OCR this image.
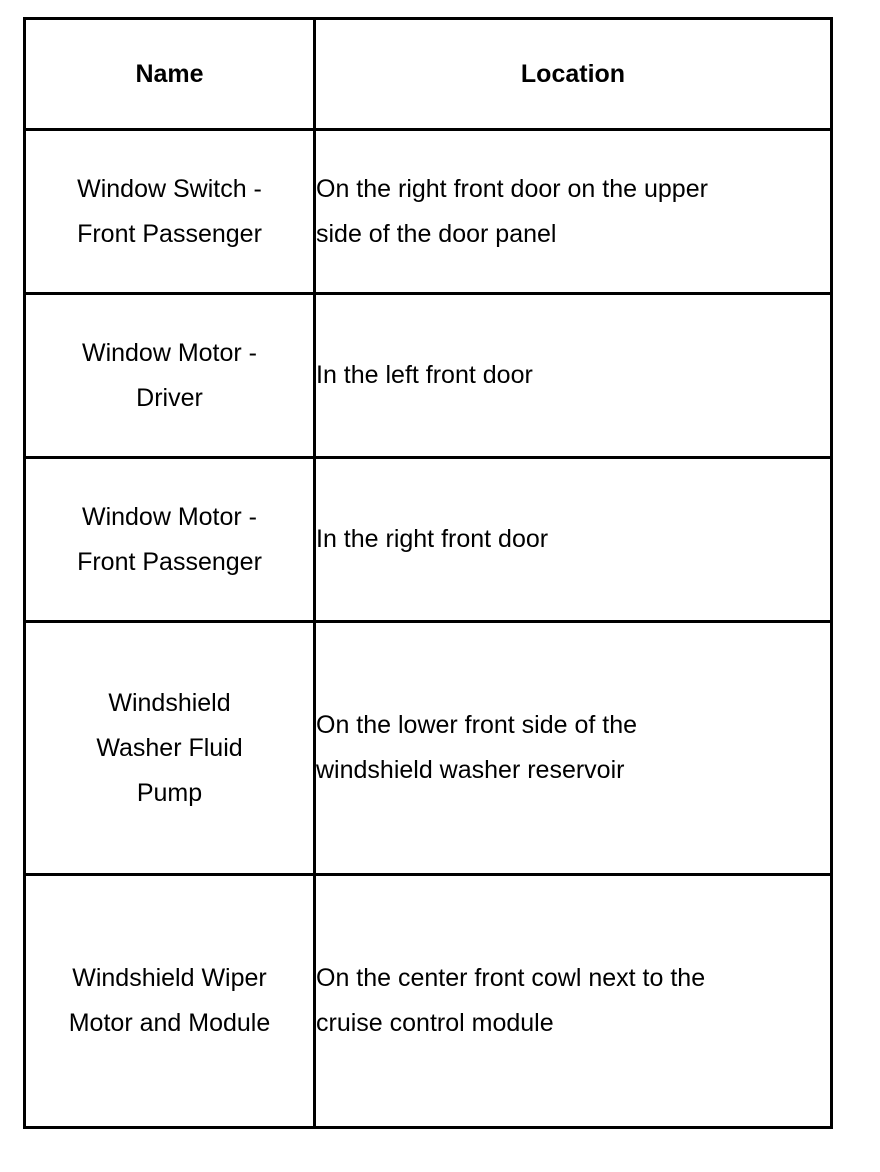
Name	Location

Window Switch -
Front Passenger	On the right front door on the upper
side of the door panel

Window Motor -
Driver	In the left front door

Window Motor -
Front Passenger	In the right front door

Windshield
Washer Fluid
Pump	On the lower front side of the
windshield washer reservoir

Windshield Wiper
Motor and Module	On the center front cowl next to the
cruise control module
